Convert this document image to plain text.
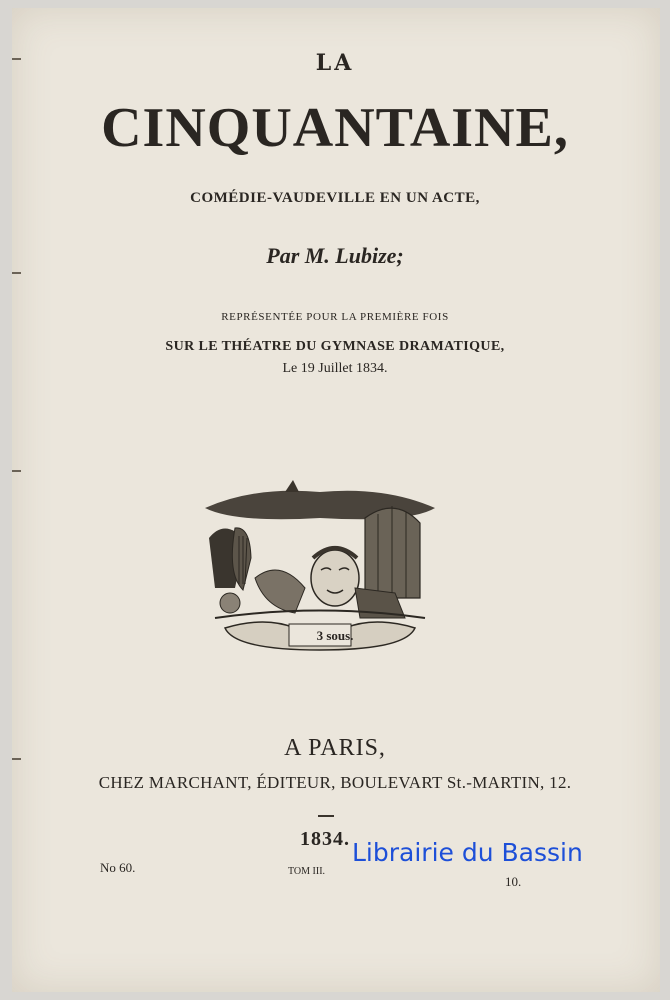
LA
CINQUANTAINE,
COMÉDIE-VAUDEVILLE EN UN ACTE,
Par M. Lubize;
REPRÉSENTÉE POUR LA PREMIÈRE FOIS
SUR LE THÉATRE DU GYMNASE DRAMATIQUE,
Le 19 Juillet 1834.
3 sous.
A PARIS,
CHEZ MARCHANT, ÉDITEUR, BOULEVART St.-MARTIN, 12.
1834.
No 60.	TOM III.
10.
Librairie du Bassin
